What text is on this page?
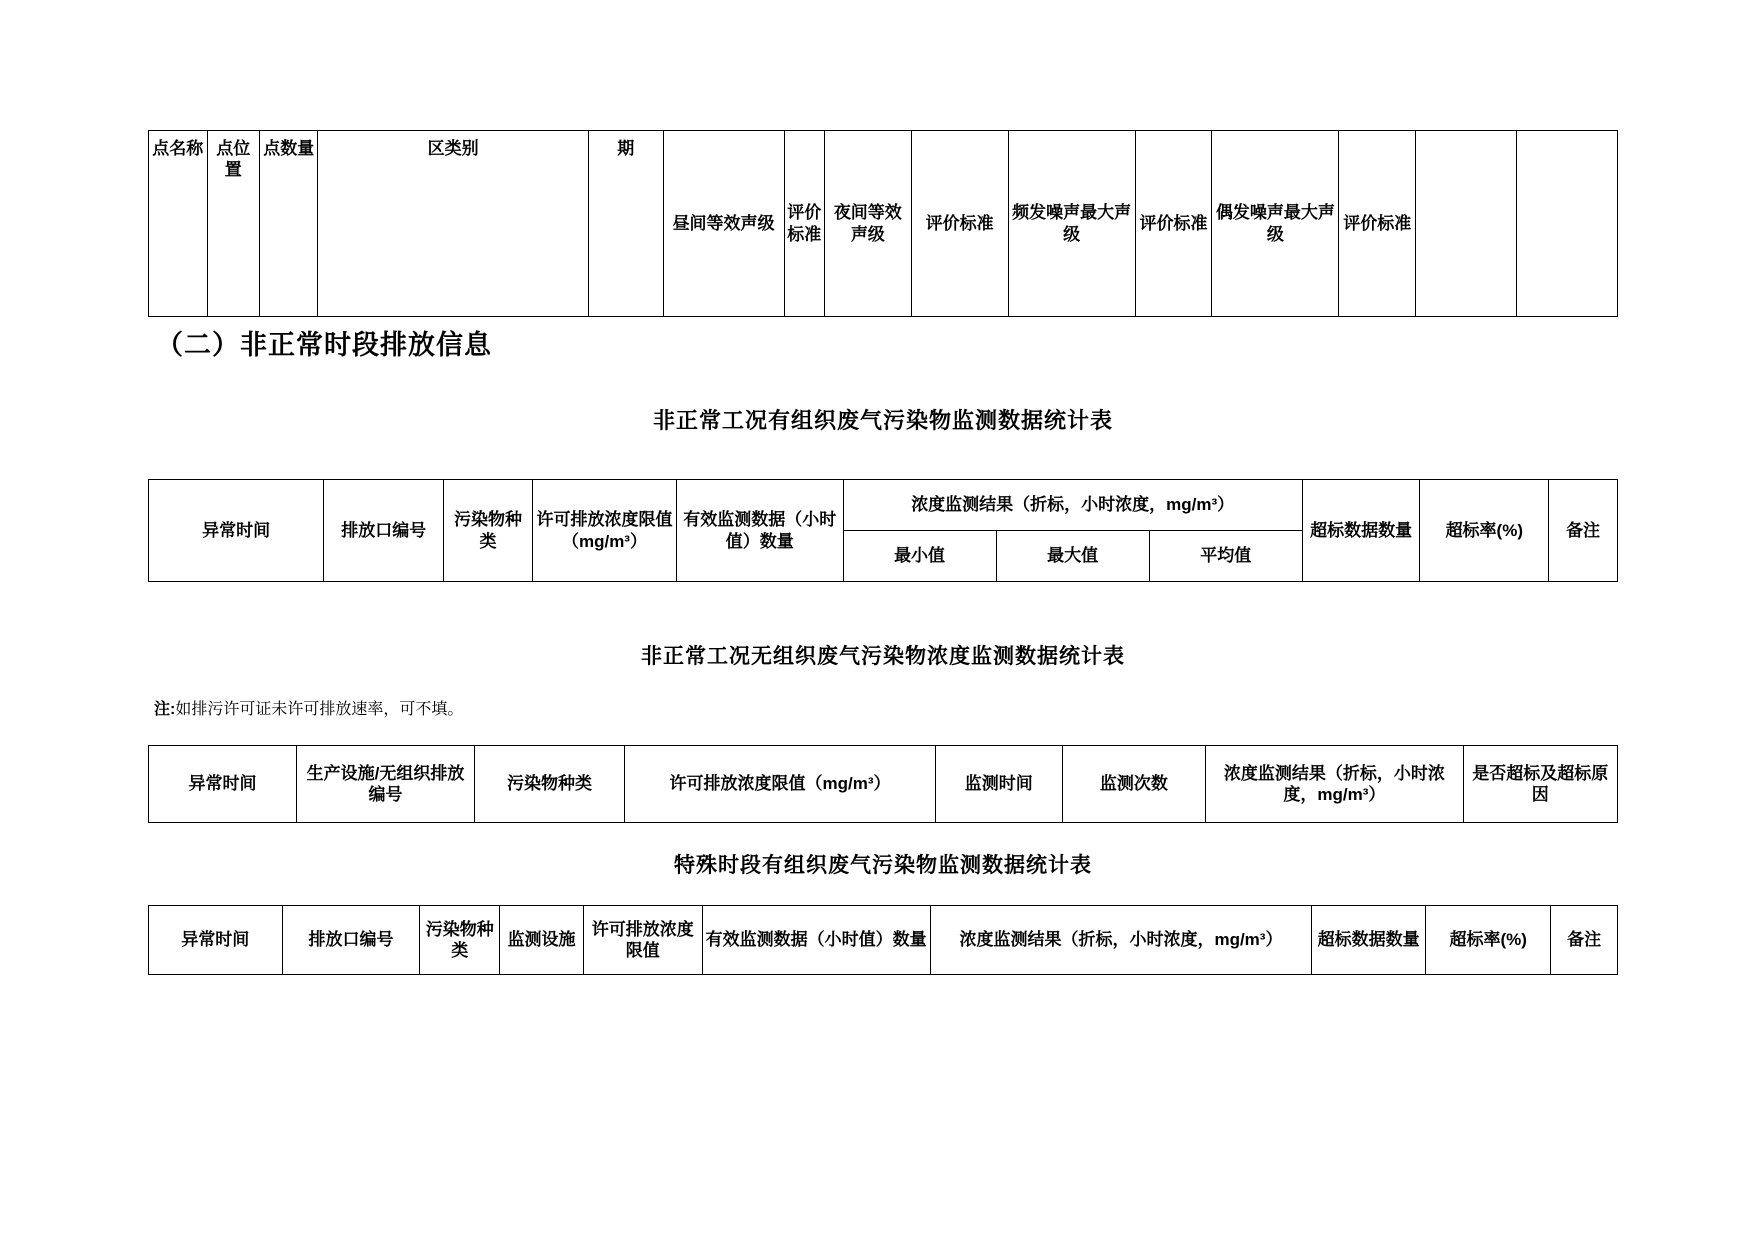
点名称	点位置	点数量	区类别	期	昼间等效声级	评价标准	夜间等效声级	评价标准	频发噪声最大声级	评价标准	偶发噪声最大声 级	评价标准		
（二）非正常时段排放信息
非正常工况有组织废气污染物监测数据统计表
异常时间	排放口编号	污染物种类	许可排放浓度限值（mg/m³）	有效监测数据（小时值）数量	浓度监测结果（折标，小时浓度，mg/m³）			超标数据数量	超标率(%)	备注
					最小值	最大值	平均值			
非正常工况无组织废气污染物浓度监测数据统计表
注:如排污许可证未许可排放速率，可不填。
异常时间	生产设施/无组织排放编号	污染物种类	许可排放浓度限值（mg/m³）	监测时间	监测次数	浓度监测结果（折标，小时浓度，mg/m³）	是否超标及超标原因
特殊时段有组织废气污染物监测数据统计表
异常时间	排放口编号	污染物种类	监测设施	许可排放浓度限值	有效监测数据（小时值）数量	浓度监测结果（折标，小时浓度，mg/m³）	超标数据数量	超标率(%)	备注
